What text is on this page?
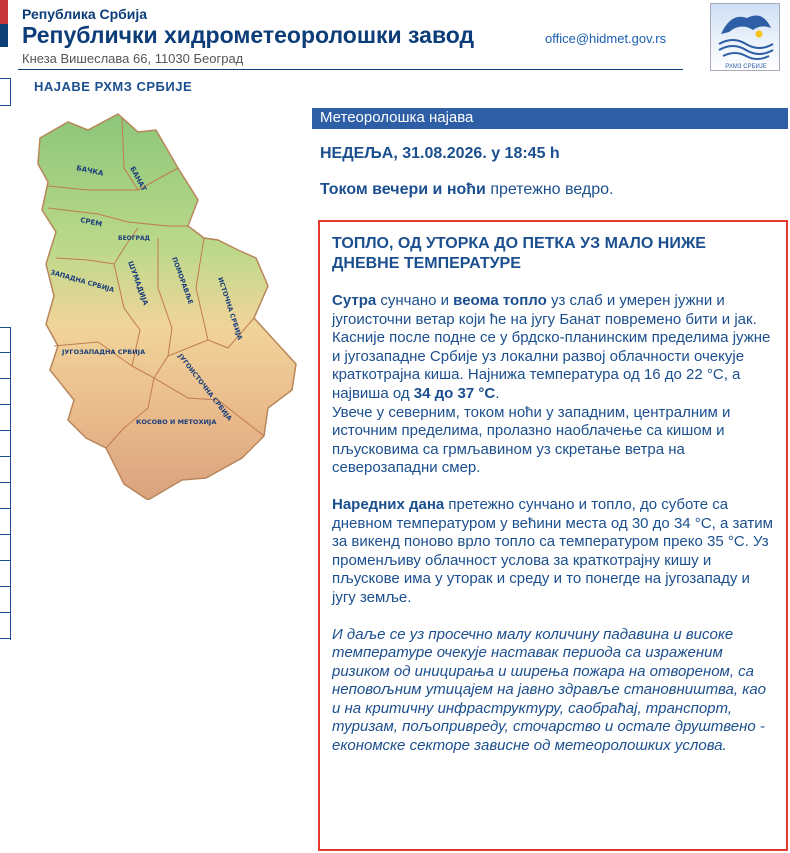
Република Србија
Републички хидрометеоролошки завод
Кнеза Вишеслава 66, 11030 Београд
office@hidmet.gov.rs
РХМЗ СРБИЈЕ
НАЈАВЕ РХМЗ СРБИЈЕ
БАЧКА	БАНАТ
СРЕМ
БЕОГРАД
ЗАПАДНА СРБИЈА ШУМАДИЈА	ПОМОРАВЉЕ	ИСТОЧНА СРБИЈА
ЈУГОЗАПАДНА СРБИЈА
ЈУГОИСТОЧНА СРБИЈА
КОСОВО И МЕТОХИЈА
Метеоролошка најава
НЕДЕЉА, 31.08.2026. у 18:45 h
Током вечери и ноћи претежно ведро.
ТОПЛО, ОД УТОРКА ДО ПЕТКА УЗ МАЛО НИЖЕ ДНЕВНЕ ТЕМПЕРАТУРЕ

Сутра сунчано и веома топло уз слаб и умерен јужни и југоисточни ветар који ће на југу Банат повремено бити и јак. Касније после подне се у брдско-планинским пределима јужне и југозападне Србије уз локални развој облачности очекује краткотрајна киша. Најнижа температура од 16 до 22 °C, а највиша од 34 до 37 °C.
Увече у северним, током ноћи у западним, централним и источним пределима, пролазно наоблачење са кишом и пљусковима са грмљавином уз скретање ветра на северозападни смер.

Наредних дана претежно сунчано и топло, до суботе са дневном температуром у већини места од 30 до 34 °C, а затим за викенд поново врло топло са температуром преко 35 °C. Уз променљиву облачност услова за краткотрајну кишу и пљускове има у уторак и среду и то понегде на југозападу и југу земље.

И даље се уз просечно малу количину падавина и високе температуре очекује наставак периода са израженим ризиком од иницирања и ширења пожара на отвореном, са неповољним утицајем на јавно здравље становништва, као и на критичну инфраструктуру, саобраћај, транспорт, туризам, пољопривреду, сточарство и остале друштвено - економске секторе зависне од метеоролошких услова.
